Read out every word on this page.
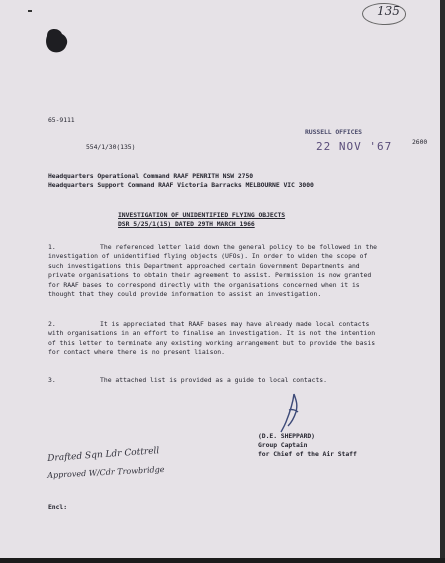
135
65-9111
554/1/30(135)
RUSSELL OFFICES
22 NOV '67	2600
Headquarters Operational Command RAAF PENRITH NSW 2750
Headquarters Support Command RAAF Victoria Barracks MELBOURNE VIC 3000
INVESTIGATION OF UNIDENTIFIED FLYING OBJECTS
DSR 5/25/1(15) DATED 29TH MARCH 1966
1.	The referenced letter laid down the general policy to be followed in the investigation of unidentified flying objects (UFOs). In order to widen the scope of such investigations this Department approached certain Government Departments and private organisations to obtain their agreement to assist. Permission is now granted for RAAF bases to correspond directly with the organisations concerned when it is thought that they could provide information to assist an investigation.
2.	It is appreciated that RAAF bases may have already made local contacts with organisations in an effort to finalise an investigation. It is not the intention of this letter to terminate any existing working arrangement but to provide the basis for contact where there is no present liaison.
3.	The attached list is provided as a guide to local contacts.
(D.E. SHEPPARD)
Group Captain
for Chief of the Air Staff
Drafted Sqn Ldr Cottrell
Approved W/Cdr Trowbridge
Encl:
